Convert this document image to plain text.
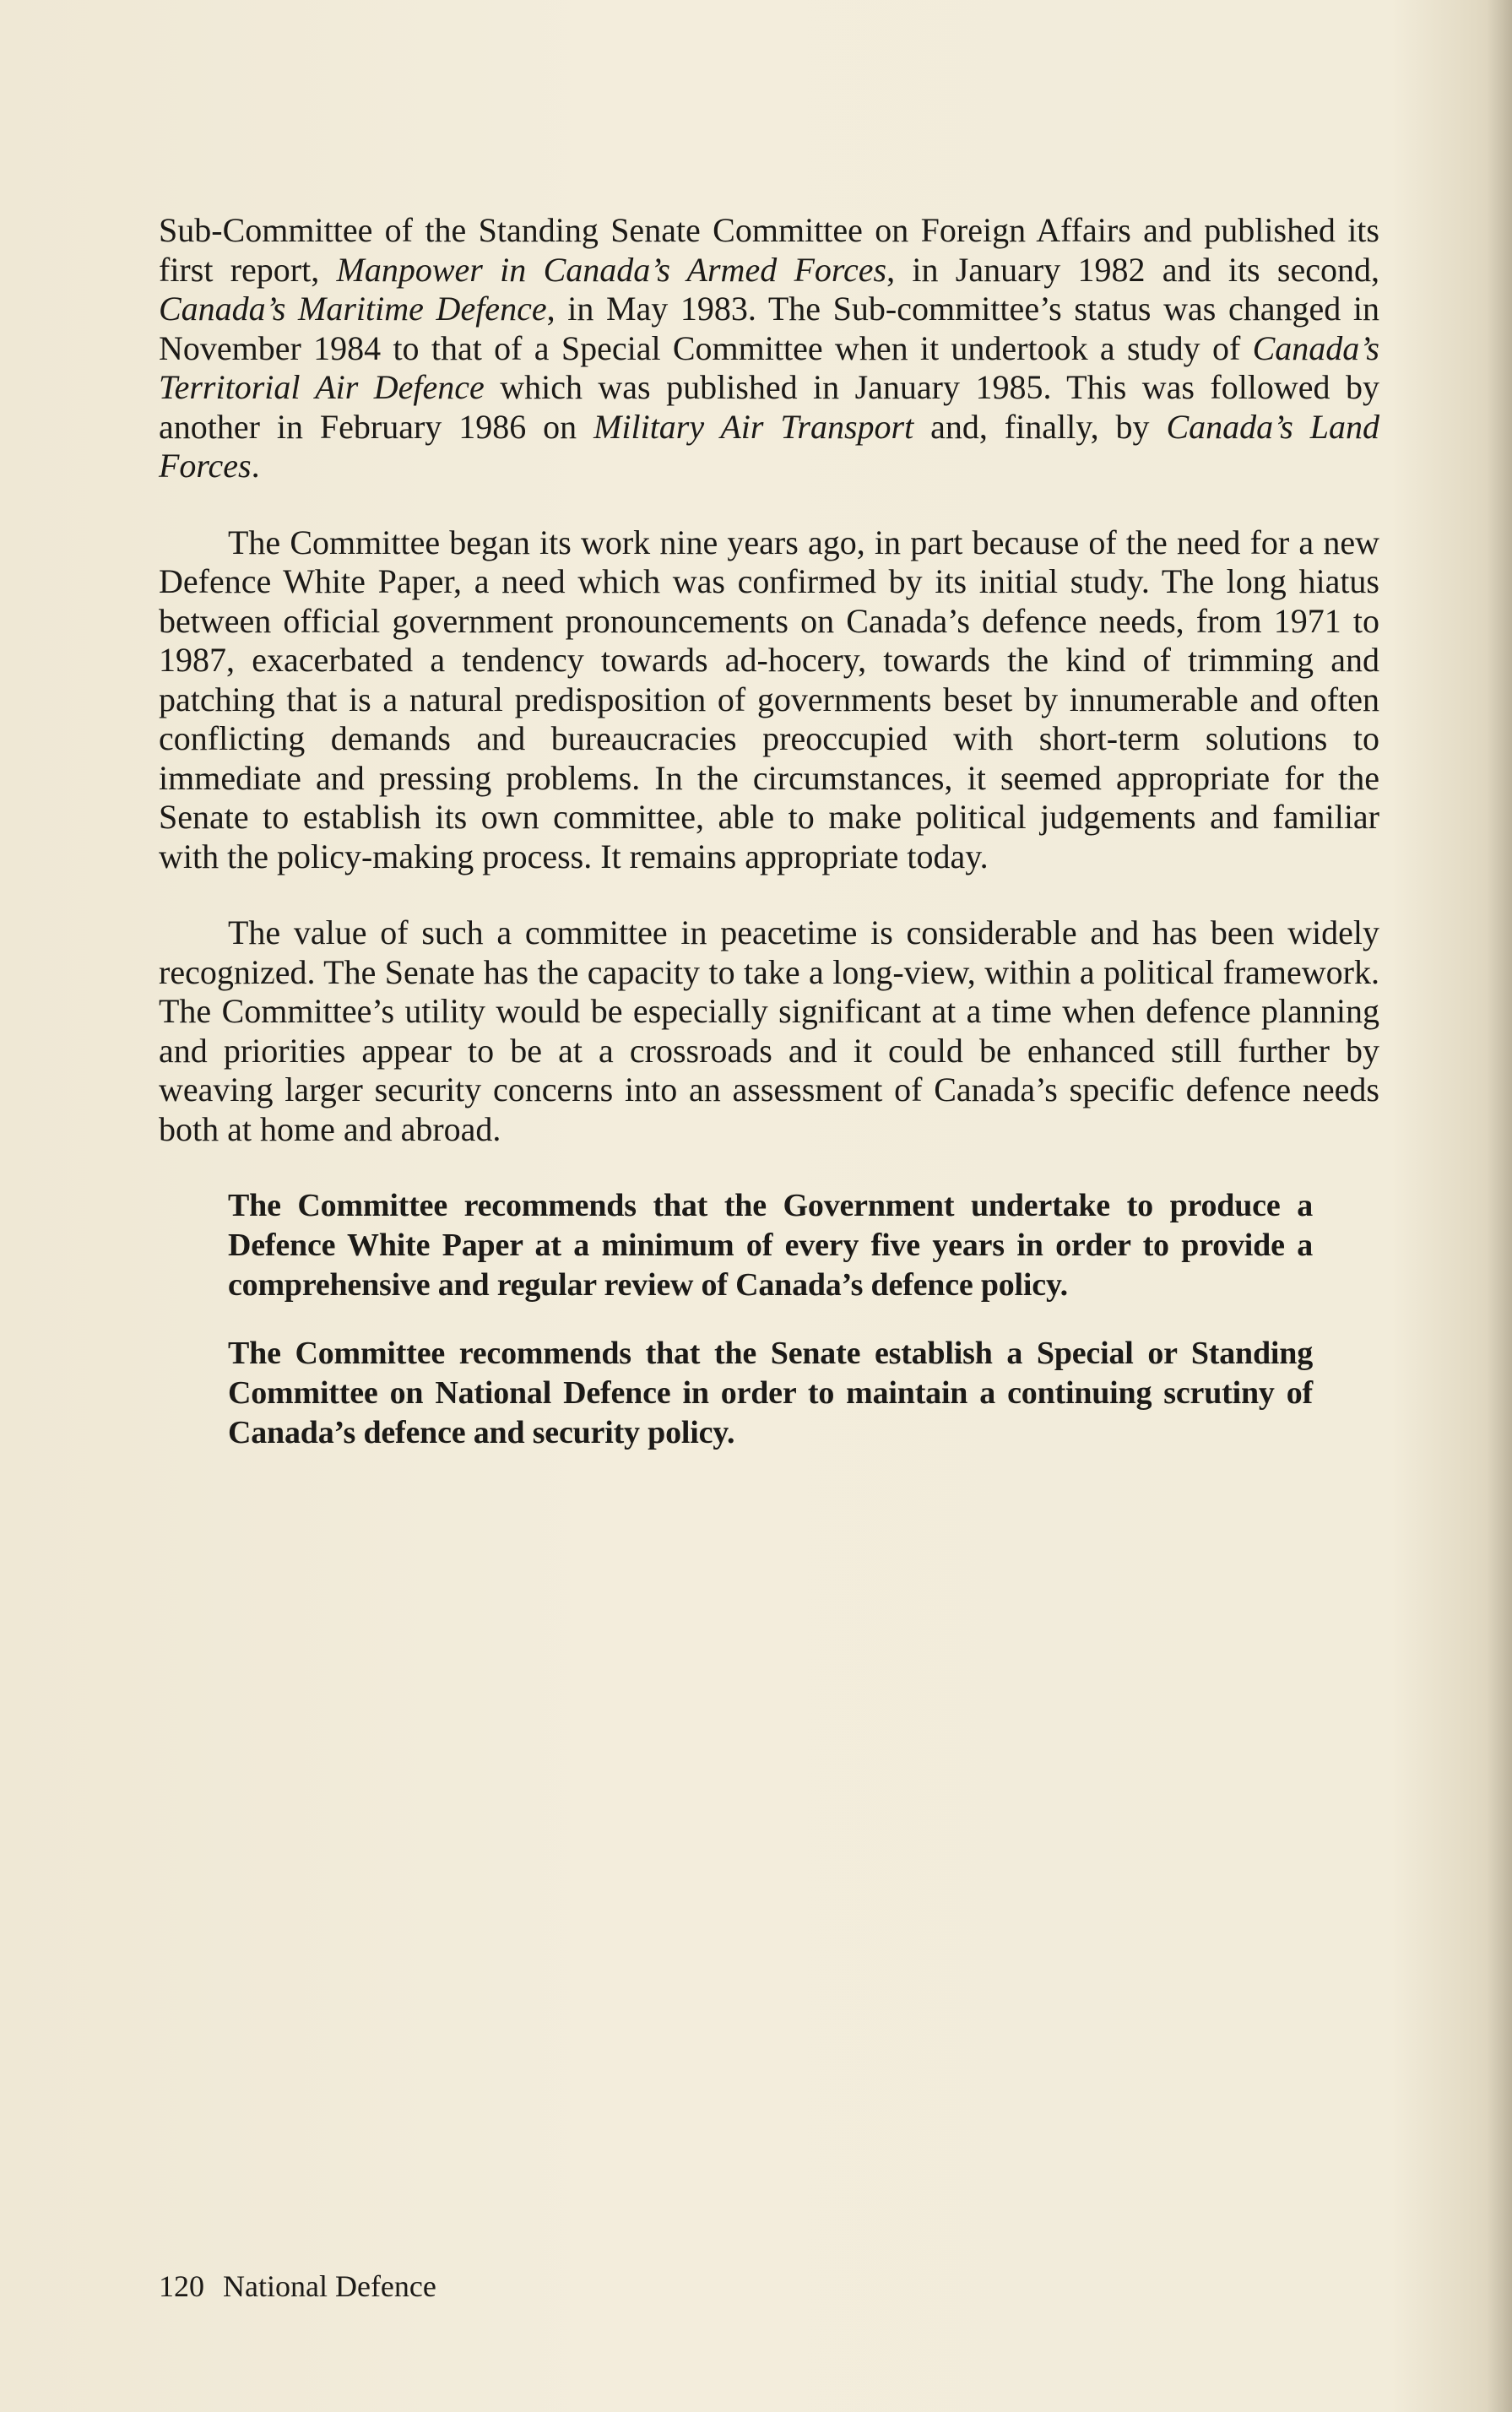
Sub-Committee of the Standing Senate Committee on Foreign Affairs and published its first report, Manpower in Canada’s Armed Forces, in January 1982 and its second, Canada’s Maritime Defence, in May 1983. The Sub-committee’s status was changed in November 1984 to that of a Special Committee when it undertook a study of Canada’s Territorial Air Defence which was published in January 1985. This was followed by another in February 1986 on Military Air Transport and, finally, by Canada’s Land Forces.

The Committee began its work nine years ago, in part because of the need for a new Defence White Paper, a need which was confirmed by its initial study. The long hiatus between official government pronouncements on Canada’s defence needs, from 1971 to 1987, exacerbated a tendency towards ad-hocery, towards the kind of trimming and patching that is a natural predisposition of governments beset by innumerable and often conflicting demands and bureaucracies preoccupied with short-term solutions to immediate and pressing problems. In the circumstances, it seemed appropriate for the Senate to establish its own committee, able to make political judgements and familiar with the policy-making process. It remains appropriate today.

The value of such a committee in peacetime is considerable and has been widely recognized. The Senate has the capacity to take a long-view, within a political framework. The Committee’s utility would be especially significant at a time when defence planning and priorities appear to be at a crossroads and it could be enhanced still further by weaving larger security concerns into an assessment of Canada’s specific defence needs both at home and abroad.

The Committee recommends that the Government undertake to produce a Defence White Paper at a minimum of every five years in order to provide a comprehensive and regular review of Canada’s defence policy.

The Committee recommends that the Senate establish a Special or Standing Committee on National Defence in order to maintain a continuing scrutiny of Canada’s defence and security policy.

120 National Defence
